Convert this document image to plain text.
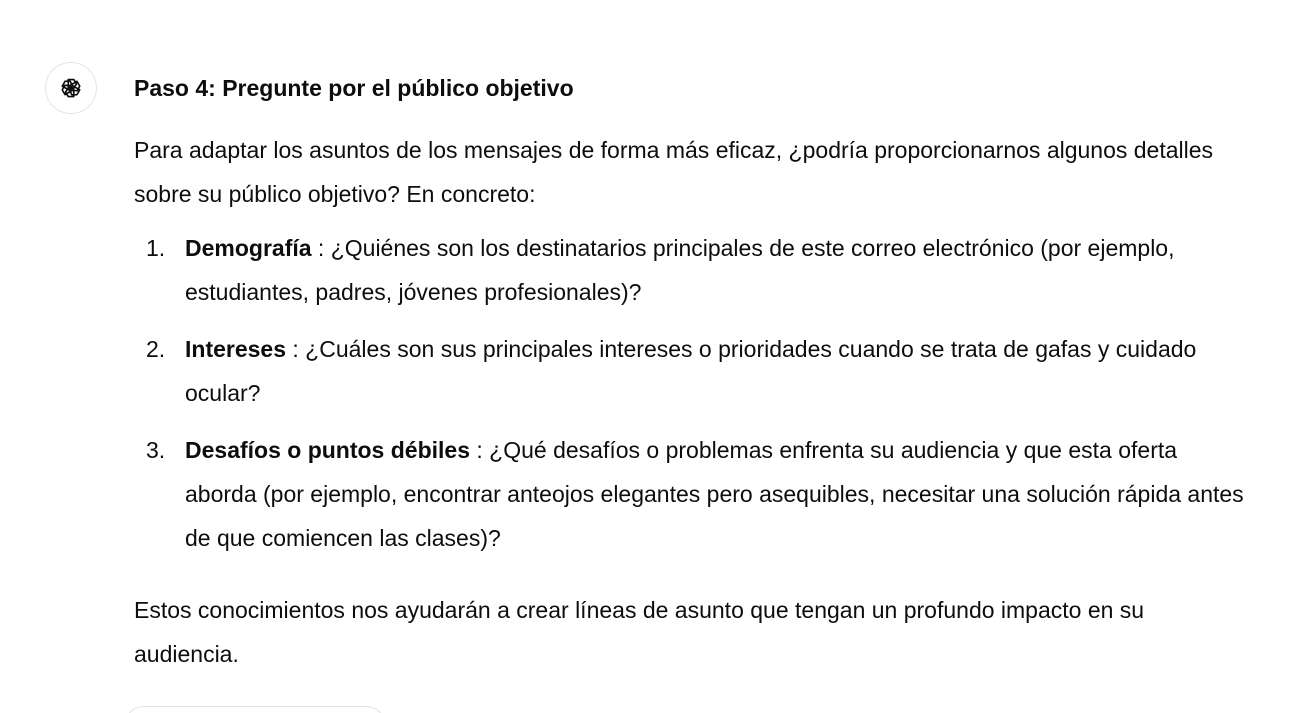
Paso 4: Pregunte por el público objetivo

Para adaptar los asuntos de los mensajes de forma más eficaz, ¿podría proporcionarnos algunos detalles sobre su público objetivo? En concreto:

1. Demografía : ¿Quiénes son los destinatarios principales de este correo electrónico (por ejemplo, estudiantes, padres, jóvenes profesionales)?
2. Intereses : ¿Cuáles son sus principales intereses o prioridades cuando se trata de gafas y cuidado ocular?
3. Desafíos o puntos débiles : ¿Qué desafíos o problemas enfrenta su audiencia y que esta oferta aborda (por ejemplo, encontrar anteojos elegantes pero asequibles, necesitar una solución rápida antes de que comiencen las clases)?

Estos conocimientos nos ayudarán a crear líneas de asunto que tengan un profundo impacto en su audiencia.
